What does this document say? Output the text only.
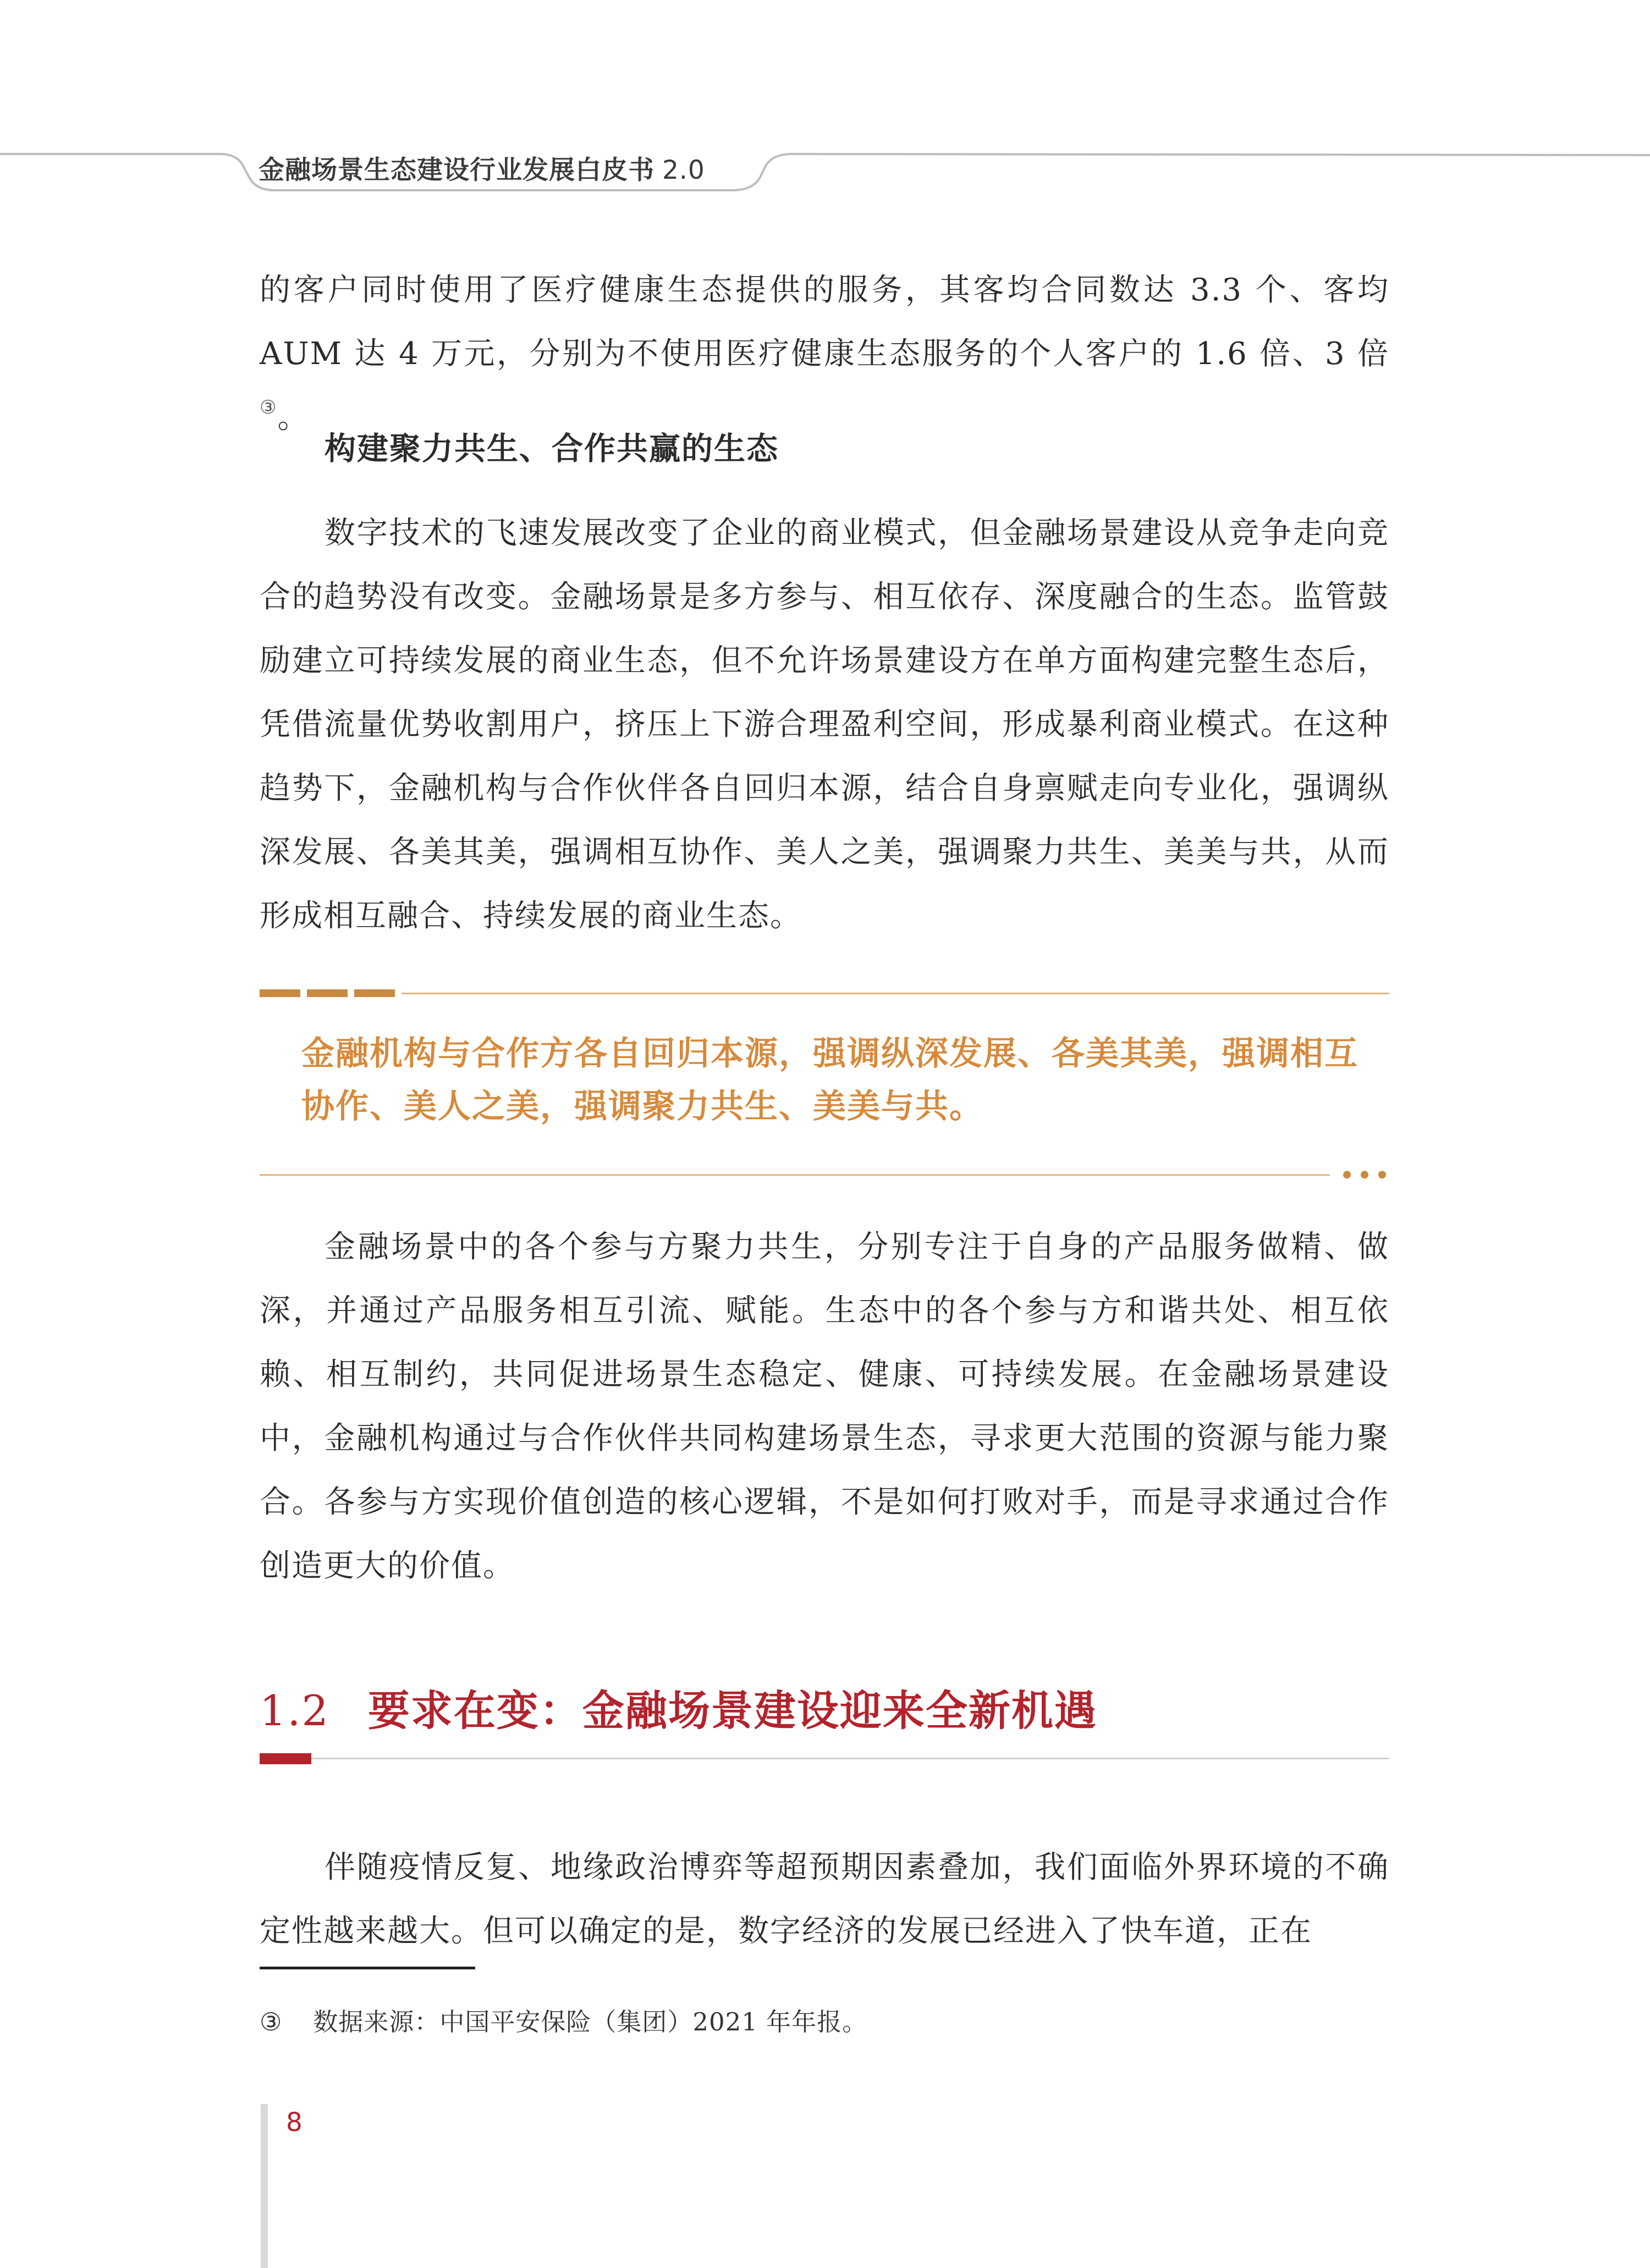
金融场景生态建设行业发展白皮书 2.0

的客户同时使用了医疗健康生态提供的服务，其客均合同数达 3.3 个、客均 AUM 达 4 万元，分别为不使用医疗健康生态服务的个人客户的 1.6 倍、3 倍③。

构建聚力共生、合作共赢的生态

数字技术的飞速发展改变了企业的商业模式，但金融场景建设从竞争走向竞合的趋势没有改变。金融场景是多方参与、相互依存、深度融合的生态。监管鼓励建立可持续发展的商业生态，但不允许场景建设方在单方面构建完整生态后，凭借流量优势收割用户，挤压上下游合理盈利空间，形成暴利商业模式。在这种趋势下，金融机构与合作伙伴各自回归本源，结合自身禀赋走向专业化，强调纵深发展、各美其美，强调相互协作、美人之美，强调聚力共生、美美与共，从而形成相互融合、持续发展的商业生态。

金融机构与合作方各自回归本源，强调纵深发展、各美其美，强调相互协作、美人之美，强调聚力共生、美美与共。

金融场景中的各个参与方聚力共生，分别专注于自身的产品服务做精、做深，并通过产品服务相互引流、赋能。生态中的各个参与方和谐共处、相互依赖、相互制约，共同促进场景生态稳定、健康、可持续发展。在金融场景建设中，金融机构通过与合作伙伴共同构建场景生态，寻求更大范围的资源与能力聚合。各参与方实现价值创造的核心逻辑，不是如何打败对手，而是寻求通过合作创造更大的价值。

1.2 要求在变：金融场景建设迎来全新机遇

伴随疫情反复、地缘政治博弈等超预期因素叠加，我们面临外界环境的不确定性越来越大。但可以确定的是，数字经济的发展已经进入了快车道，正在

③ 数据来源：中国平安保险（集团）2021 年年报。
8
